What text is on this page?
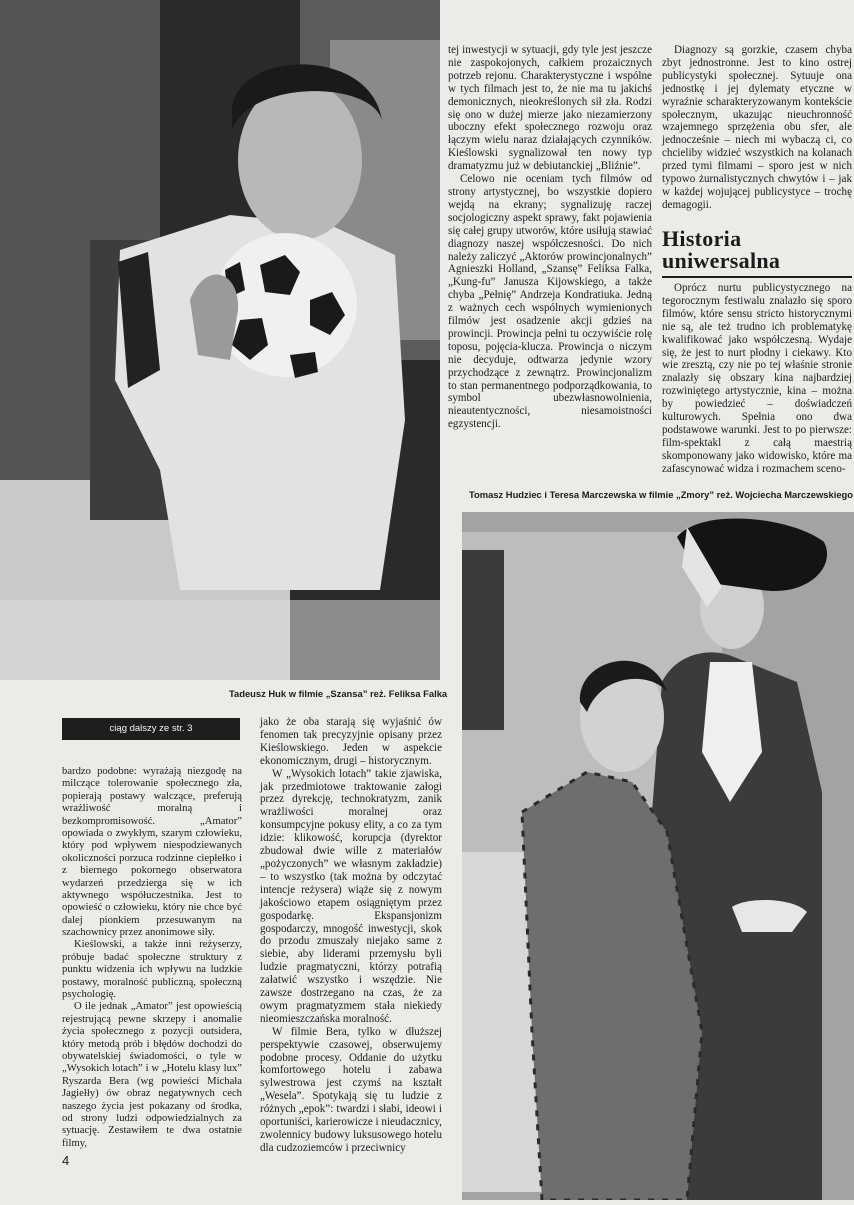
Tadeusz Huk w filmie „Szansa” reż. Feliksa Falka

tej inwestycji w sytuacji, gdy tyle jest jeszcze nie zaspokojonych, całkiem prozaicznych potrzeb rejonu. Charakterystyczne i wspólne w tych filmach jest to, że nie ma tu jakichś demonicznych, nieokreślonych sił zła. Rodzi się ono w dużej mierze jako niezamierzony uboczny efekt społecznego rozwoju oraz łączym wielu naraz działających czynników. Kieślowski sygnalizował ten nowy typ dramatyzmu już w debiutanckiej „Bliźnie”.

Celowo nie oceniam tych filmów od strony artystycznej, bo wszystkie dopiero wejdą na ekrany; sygnalizuję raczej socjologiczny aspekt sprawy, fakt pojawienia się całej grupy utworów, które usiłują stawiać diagnozy naszej współczesności. Do nich należy zaliczyć „Aktorów prowincjonalnych” Agnieszki Holland, „Szansę” Feliksa Falka, „Kung-fu” Janusza Kijowskiego, a także chyba „Pełnię” Andrzeja Kondratiuka. Jedną z ważnych cech wspólnych wymienionych filmów jest osadzenie akcji gdzieś na prowincji. Prowincja pełni tu oczywiście rolę toposu, pojęcia-klucza. Prowincja o niczym nie decyduje, odtwarza jedynie wzory przychodzące z zewnątrz. Prowincjonalizm to stan permanentnego podporządkowania, to symbol ubezwłasnowolnienia, nieautentyczności, niesamoistności egzystencji.

Diagnozy są gorzkie, czasem chyba zbyt jednostronne. Jest to kino ostrej publicystyki społecznej. Sytuuje ona jednostkę i jej dylematy etyczne w wyraźnie scharakteryzowanym kontekście społecznym, ukazując nieuchronność wzajemnego sprzężenia obu sfer, ale jednocześnie – niech mi wybaczą ci, co chcieliby widzieć wszystkich na kolanach przed tymi filmami – sporo jest w nich typowo żurnalistycznych chwytów i – jak w każdej wojującej publicystyce – trochę demagogii.

Historia
uniwersalna

Oprócz nurtu publicystycznego na tegorocznym festiwalu znalazło się sporo filmów, które sensu stricto historycznymi nie są, ale też trudno ich problematykę kwalifikować jako współczesną. Wydaje się, że jest to nurt płodny i ciekawy. Kto wie zresztą, czy nie po tej właśnie stronie znalazły się obszary kina najbardziej rozwiniętego artystycznie, kina – można by powiedzieć – doświadczeń kulturowych. Spełnia ono dwa podstawowe warunki. Jest to po pierwsze: film-spektakl z całą maestrią skomponowany jako widowisko, które ma zafascynować widza i rozmachem sceno-

Tomasz Hudziec i Teresa Marczewska w filmie „Zmory” reż. Wojciecha Marczewskiego
ciąg dalszy ze str. 3

bardzo podobne: wyrażają niezgodę na milczące tolerowanie społecznego zła, popierają postawy walczące, preferują wrażliwość moralną i bezkompromisowość. „Amator” opowiada o zwykłym, szarym człowieku, który pod wpływem niespodziewanych okoliczności porzuca rodzinne ciepłełko i z biernego pokornego obserwatora wydarzeń przedzierga się w ich aktywnego współuczestnika. Jest to opowieść o człowieku, który nie chce być dalej pionkiem przesuwanym na szachownicy przez anonimowe siły.

Kieślowski, a także inni reżyserzy, próbuje badać społeczne struktury z punktu widzenia ich wpływu na ludzkie postawy, moralność publiczną, społeczną psychologię.

O ile jednak „Amator” jest opowieścią rejestrującą pewne skrzepy i anomalie życia społecznego z pozycji outsidera, który metodą prób i błędów dochodzi do obywatelskiej świadomości, o tyle w „Wysokich lotach” i w „Hotelu klasy lux” Ryszarda Bera (wg powieści Michała Jagiełły) ów obraz negatywnych cech naszego życia jest pokazany od środka, od strony ludzi odpowiedzialnych za sytuację. Zestawiłem te dwa ostatnie filmy,

jako że oba starają się wyjaśnić ów fenomen tak precyzyjnie opisany przez Kieślowskiego. Jeden w aspekcie ekonomicznym, drugi – historycznym.

W „Wysokich lotach” takie zjawiska, jak przedmiotowe traktowanie załogi przez dyrekcję, technokratyzm, zanik wrażliwości moralnej oraz konsumpcyjne pokusy elity, a co za tym idzie: klikowość, korupcja (dyrektor zbudował dwie wille z materiałów „pożyczonych” we własnym zakładzie) – to wszystko (tak można by odczytać intencje reżysera) wiąże się z nowym jakościowo etapem osiągniętym przez gospodarkę. Ekspansjonizm gospodarczy, mnogość inwestycji, skok do przodu zmuszały niejako same z siebie, aby liderami przemysłu byli ludzie pragmatyczni, którzy potrafią załatwić wszystko i wszędzie. Nie zawsze dostrzegano na czas, że za owym pragmatyzmem stała niekiedy nieomieszczańska moralność.

W filmie Bera, tylko w dłuższej perspektywie czasowej, obserwujemy podobne procesy. Oddanie do użytku komfortowego hotelu i zabawa sylwestrowa jest czymś na kształt „Wesela”. Spotykają się tu ludzie z różnych „epok”: twardzi i słabi, ideowi i oportuniści, karierowicze i nieudacznicy, zwolennicy budowy luksusowego hotelu dla cudzoziemców i przeciwnicy

4
